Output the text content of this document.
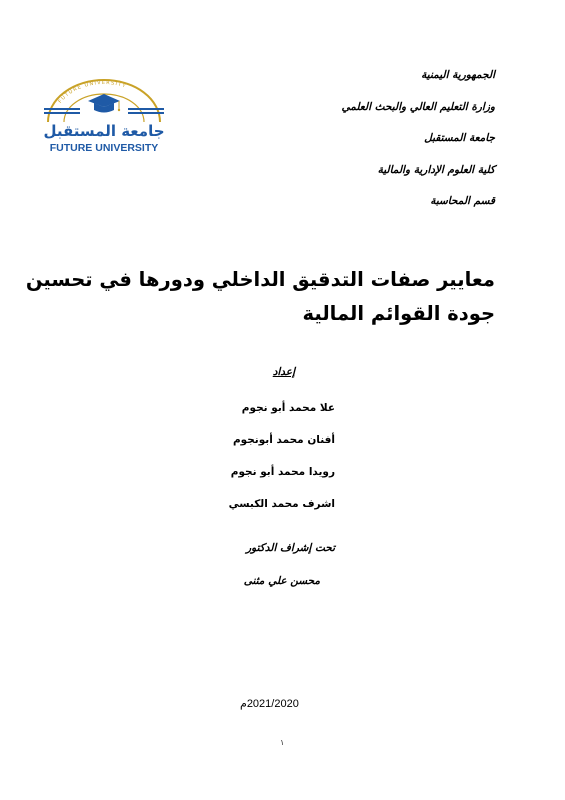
FUTURE UNIVERSITY
جامعة المستقبل
FUTURE UNIVERSITY
الجمهورية اليمنية
وزارة التعليم العالي والبحث العلمي
جامعة المستقبل
كلية العلوم الإدارية والمالية
قسم المحاسبة
معايير صفات التدقيق الداخلي ودورها في تحسين
جودة القوائم المالية
إعداد
علا محمد أبو نجوم
أفنان محمد أبونجوم
رويدا محمد أبو نجوم
اشرف محمد الكبسي
تحت إشراف الدكتور
محسن علي مثنى
2021/2020م
١
